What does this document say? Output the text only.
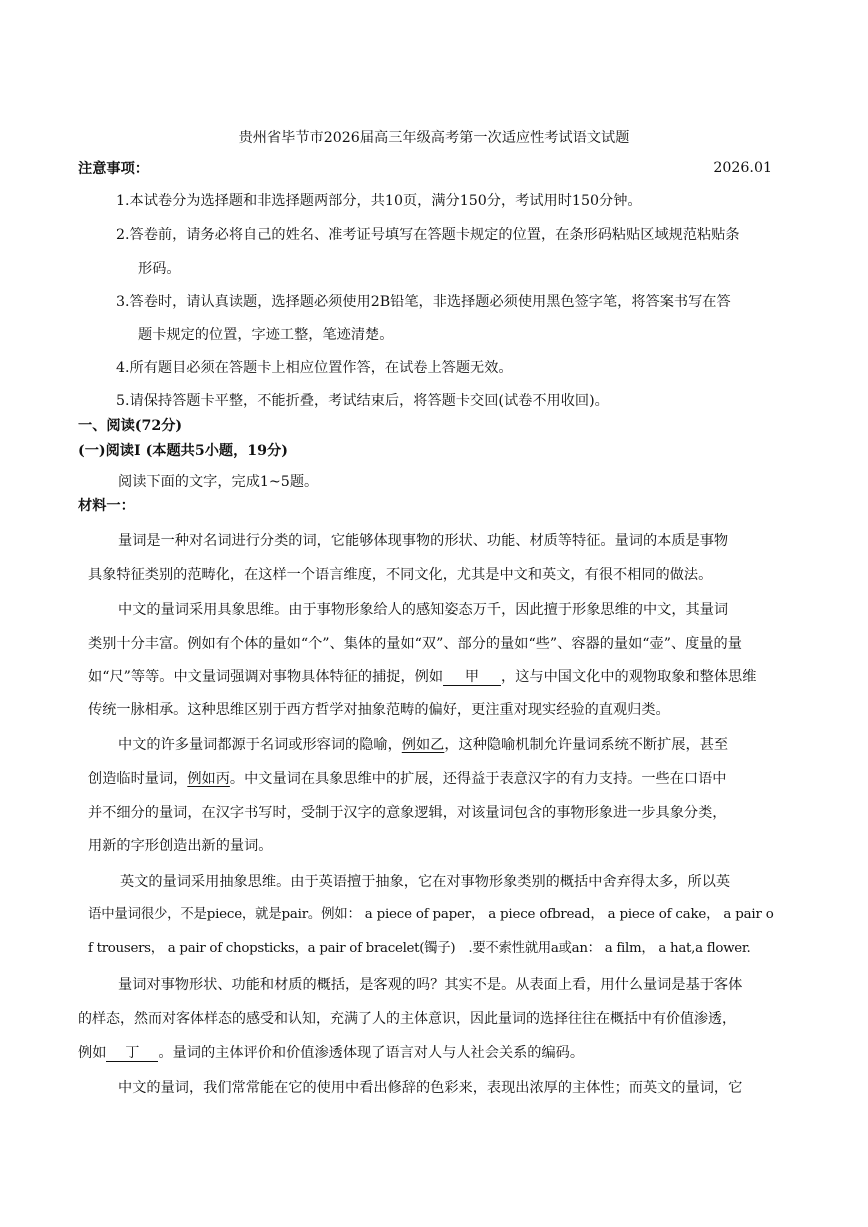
贵州省毕节市2026届高三年级高考第一次适应性考试语文试题
注意事项：	2026.01
1.本试卷分为选择题和非选择题两部分，共10页，满分150分，考试用时150分钟。
2.答卷前，请务必将自己的姓名、准考证号填写在答题卡规定的位置，在条形码粘贴区域规范粘贴条
形码。
3.答卷时，请认真读题，选择题必须使用2B铅笔，非选择题必须使用黑色签字笔，将答案书写在答
题卡规定的位置，字迹工整，笔迹清楚。
4.所有题目必须在答题卡上相应位置作答，在试卷上答题无效。
5.请保持答题卡平整，不能折叠，考试结束后，将答题卡交回(试卷不用收回)。
一、阅读(72分)
(一)阅读Ⅰ (本题共5小题，19分)
阅读下面的文字，完成1~5题。
材料一：
量词是一种对名词进行分类的词，它能够体现事物的形状、功能、材质等特征。量词的本质是事物
具象特征类别的范畴化，在这样一个语言维度，不同文化，尤其是中文和英文，有很不相同的做法。
中文的量词采用具象思维。由于事物形象给人的感知姿态万千，因此擅于形象思维的中文，其量词
类别十分丰富。例如有个体的量如“个”、集体的量如“双”、部分的量如“些”、容器的量如“壶”、度量的量
如“尺”等等。中文量词强调对事物具体特征的捕捉，例如 甲 ，这与中国文化中的观物取象和整体思维
传统一脉相承。这种思维区别于西方哲学对抽象范畴的偏好，更注重对现实经验的直观归类。
中文的许多量词都源于名词或形容词的隐喻，例如乙，这种隐喻机制允许量词系统不断扩展，甚至
创造临时量词，例如丙。中文量词在具象思维中的扩展，还得益于表意汉字的有力支持。一些在口语中
并不细分的量词，在汉字书写时，受制于汉字的意象逻辑，对该量词包含的事物形象进一步具象分类，
用新的字形创造出新的量词。
英文的量词采用抽象思维。由于英语擅于抽象，它在对事物形象类别的概括中舍弃得太多，所以英
语中量词很少，不是piece，就是pair。例如： a piece of paper， a piece ofbread， a piece of cake， a pair o
f trousers， a pair of chopsticks，a pair of bracelet(镯子)　.要不索性就用a或an： a film， a hat,a flower.
量词对事物形状、功能和材质的概括，是客观的吗？其实不是。从表面上看，用什么量词是基于客体
的样态，然而对客体样态的感受和认知，充满了人的主体意识，因此量词的选择往往在概括中有价值渗透，
例如 丁 。量词的主体评价和价值渗透体现了语言对人与人社会关系的编码。
中文的量词，我们常常能在它的使用中看出修辞的色彩来，表现出浓厚的主体性；而英文的量词，它
